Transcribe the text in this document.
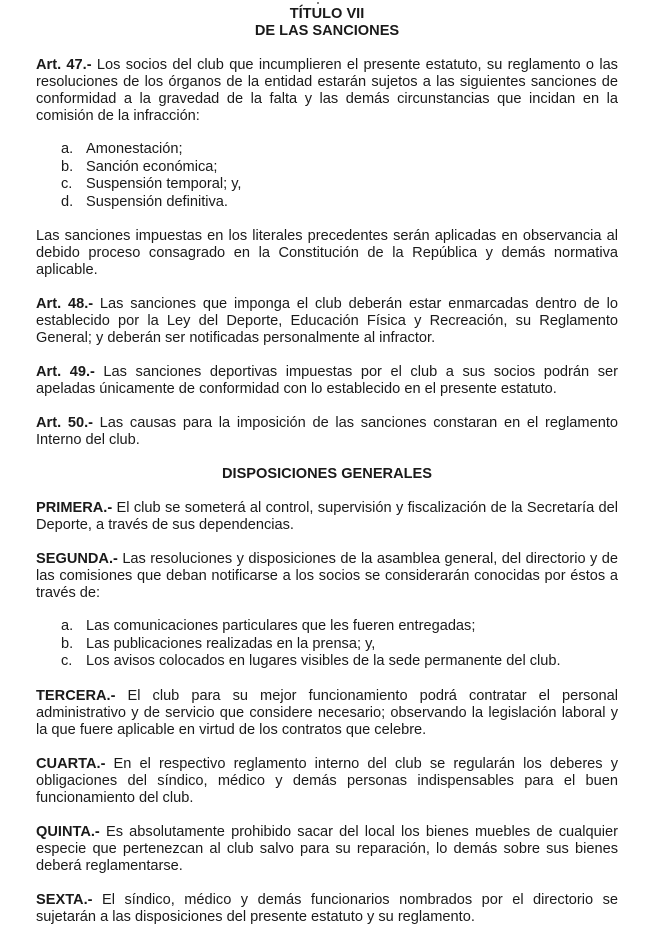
TÍTULO VII
DE LAS SANCIONES

Art. 47.- Los socios del club que incumplieren el presente estatuto, su reglamento o las resoluciones de los órganos de la entidad estarán sujetos a las siguientes sanciones de conformidad a la gravedad de la falta y las demás circunstancias que incidan en la comisión de la infracción:

a. Amonestación;
b. Sanción económica;
c. Suspensión temporal; y,
d. Suspensión definitiva.

Las sanciones impuestas en los literales precedentes serán aplicadas en observancia al debido proceso consagrado en la Constitución de la República y demás normativa aplicable.

Art. 48.- Las sanciones que imponga el club deberán estar enmarcadas dentro de lo establecido por la Ley del Deporte, Educación Física y Recreación, su Reglamento General; y deberán ser notificadas personalmente al infractor.

Art. 49.- Las sanciones deportivas impuestas por el club a sus socios podrán ser apeladas únicamente de conformidad con lo establecido en el presente estatuto.

Art. 50.- Las causas para la imposición de las sanciones constaran en el reglamento Interno del club.

DISPOSICIONES GENERALES

PRIMERA.- El club se someterá al control, supervisión y fiscalización de la Secretaría del Deporte, a través de sus dependencias.

SEGUNDA.- Las resoluciones y disposiciones de la asamblea general, del directorio y de las comisiones que deban notificarse a los socios se considerarán conocidas por éstos a través de:

a. Las comunicaciones particulares que les fueren entregadas;
b. Las publicaciones realizadas en la prensa; y,
c. Los avisos colocados en lugares visibles de la sede permanente del club.

TERCERA.- El club para su mejor funcionamiento podrá contratar el personal administrativo y de servicio que considere necesario; observando la legislación laboral y la que fuere aplicable en virtud de los contratos que celebre.

CUARTA.- En el respectivo reglamento interno del club se regularán los deberes y obligaciones del síndico, médico y demás personas indispensables para el buen funcionamiento del club.

QUINTA.- Es absolutamente prohibido sacar del local los bienes muebles de cualquier especie que pertenezcan al club salvo para su reparación, lo demás sobre sus bienes deberá reglamentarse.

SEXTA.- El síndico, médico y demás funcionarios nombrados por el directorio se sujetarán a las disposiciones del presente estatuto y su reglamento.
